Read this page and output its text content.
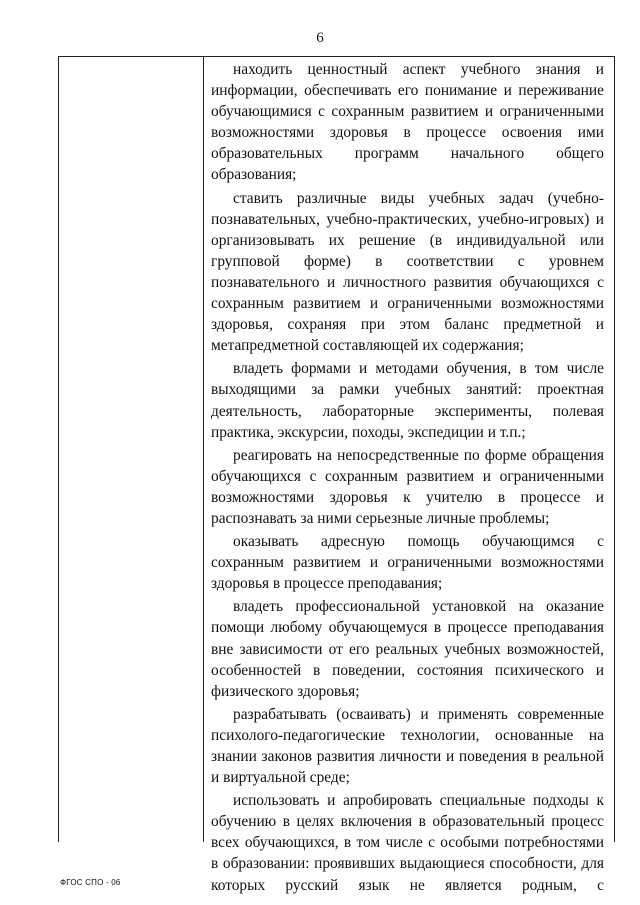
6

находить ценностный аспект учебного знания и информации, обеспечивать его понимание и переживание обучающимися с сохранным развитием и ограниченными возможностями здоровья в процессе освоения ими образовательных программ начального общего образования;

ставить различные виды учебных задач (учебно-познавательных, учебно-практических, учебно-игровых) и организовывать их решение (в индивидуальной или групповой форме) в соответствии с уровнем познавательного и личностного развития обучающихся с сохранным развитием и ограниченными возможностями здоровья, сохраняя при этом баланс предметной и метапредметной составляющей их содержания;

владеть формами и методами обучения, в том числе выходящими за рамки учебных занятий: проектная деятельность, лабораторные эксперименты, полевая практика, экскурсии, походы, экспедиции и т.п.;

реагировать на непосредственные по форме обращения обучающихся с сохранным развитием и ограниченными возможностями здоровья к учителю в процессе и распознавать за ними серьезные личные проблемы;

оказывать адресную помощь обучающимся с сохранным развитием и ограниченными возможностями здоровья в процессе преподавания;

владеть профессиональной установкой на оказание помощи любому обучающемуся в процессе преподавания вне зависимости от его реальных учебных возможностей, особенностей в поведении, состояния психического и физического здоровья;

разрабатывать (осваивать) и применять современные психолого-педагогические технологии, основанные на знании законов развития личности и поведения в реальной и виртуальной среде;

использовать и апробировать специальные подходы к обучению в целях включения в образовательный процесс всех обучающихся, в том числе с особыми потребностями в образовании: проявивших выдающиеся способности, для которых русский язык не является родным, с

ФГОС СПО - 06
